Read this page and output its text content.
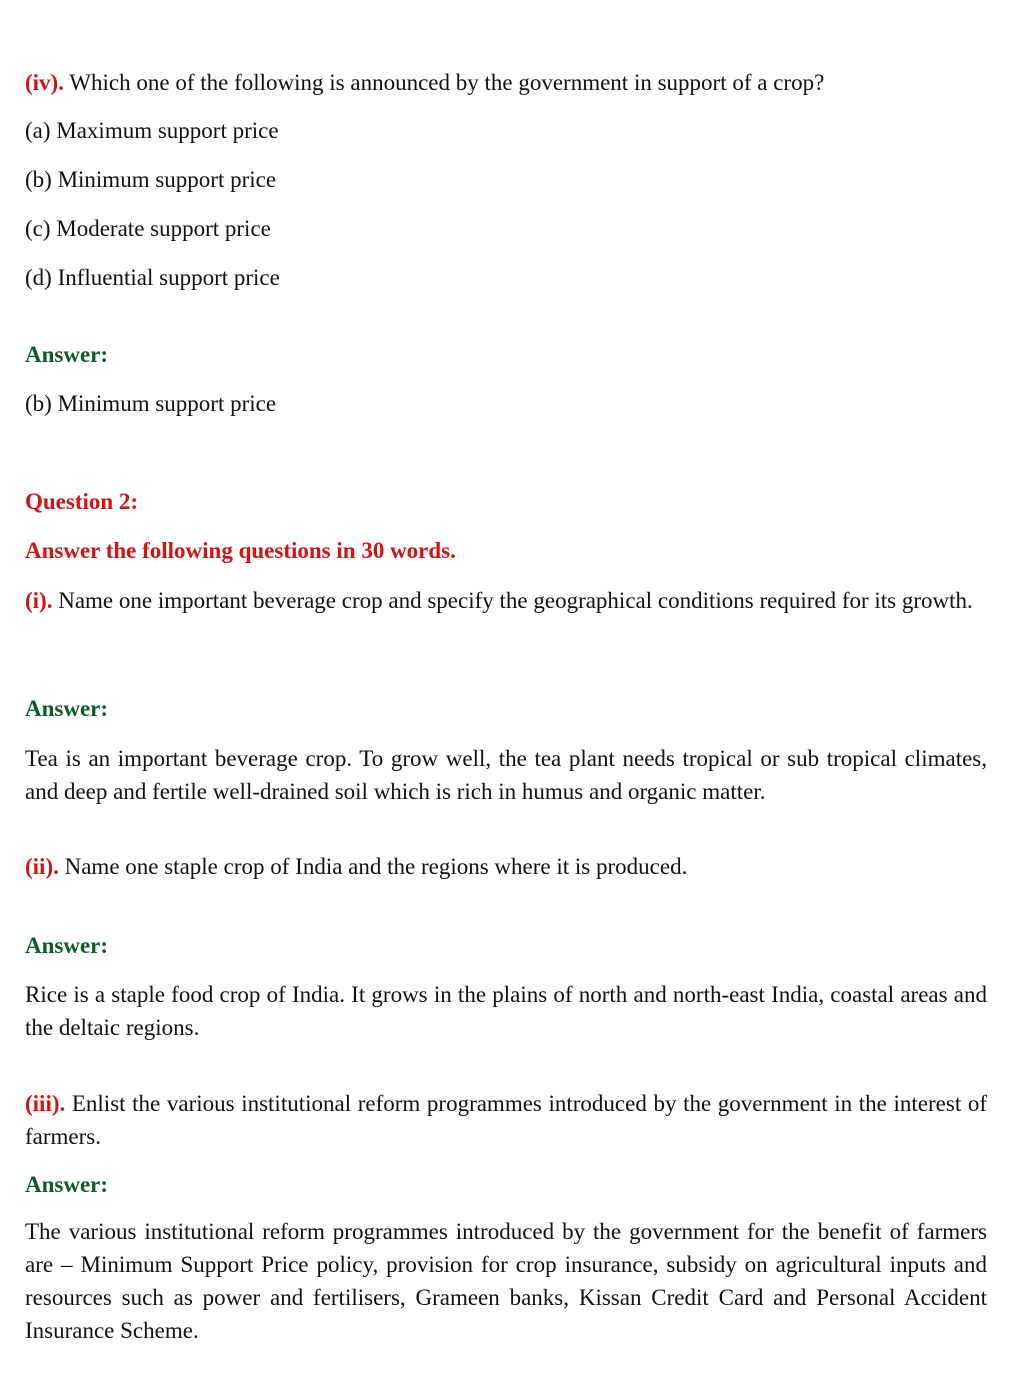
(iv). Which one of the following is announced by the government in support of a crop?
(a) Maximum support price
(b) Minimum support price
(c) Moderate support price
(d) Influential support price
Answer:
(b) Minimum support price
Question 2:
Answer the following questions in 30 words.
(i). Name one important beverage crop and specify the geographical conditions required for its growth.
Answer:
Tea is an important beverage crop. To grow well, the tea plant needs tropical or sub tropical climates, and deep and fertile well-drained soil which is rich in humus and organic matter.
(ii). Name one staple crop of India and the regions where it is produced.
Answer:
Rice is a staple food crop of India. It grows in the plains of north and north-east India, coastal areas and the deltaic regions.
(iii). Enlist the various institutional reform programmes introduced by the government in the interest of farmers.
Answer:
The various institutional reform programmes introduced by the government for the benefit of farmers are – Minimum Support Price policy, provision for crop insurance, subsidy on agricultural inputs and resources such as power and fertilisers, Grameen banks, Kissan Credit Card and Personal Accident Insurance Scheme.
